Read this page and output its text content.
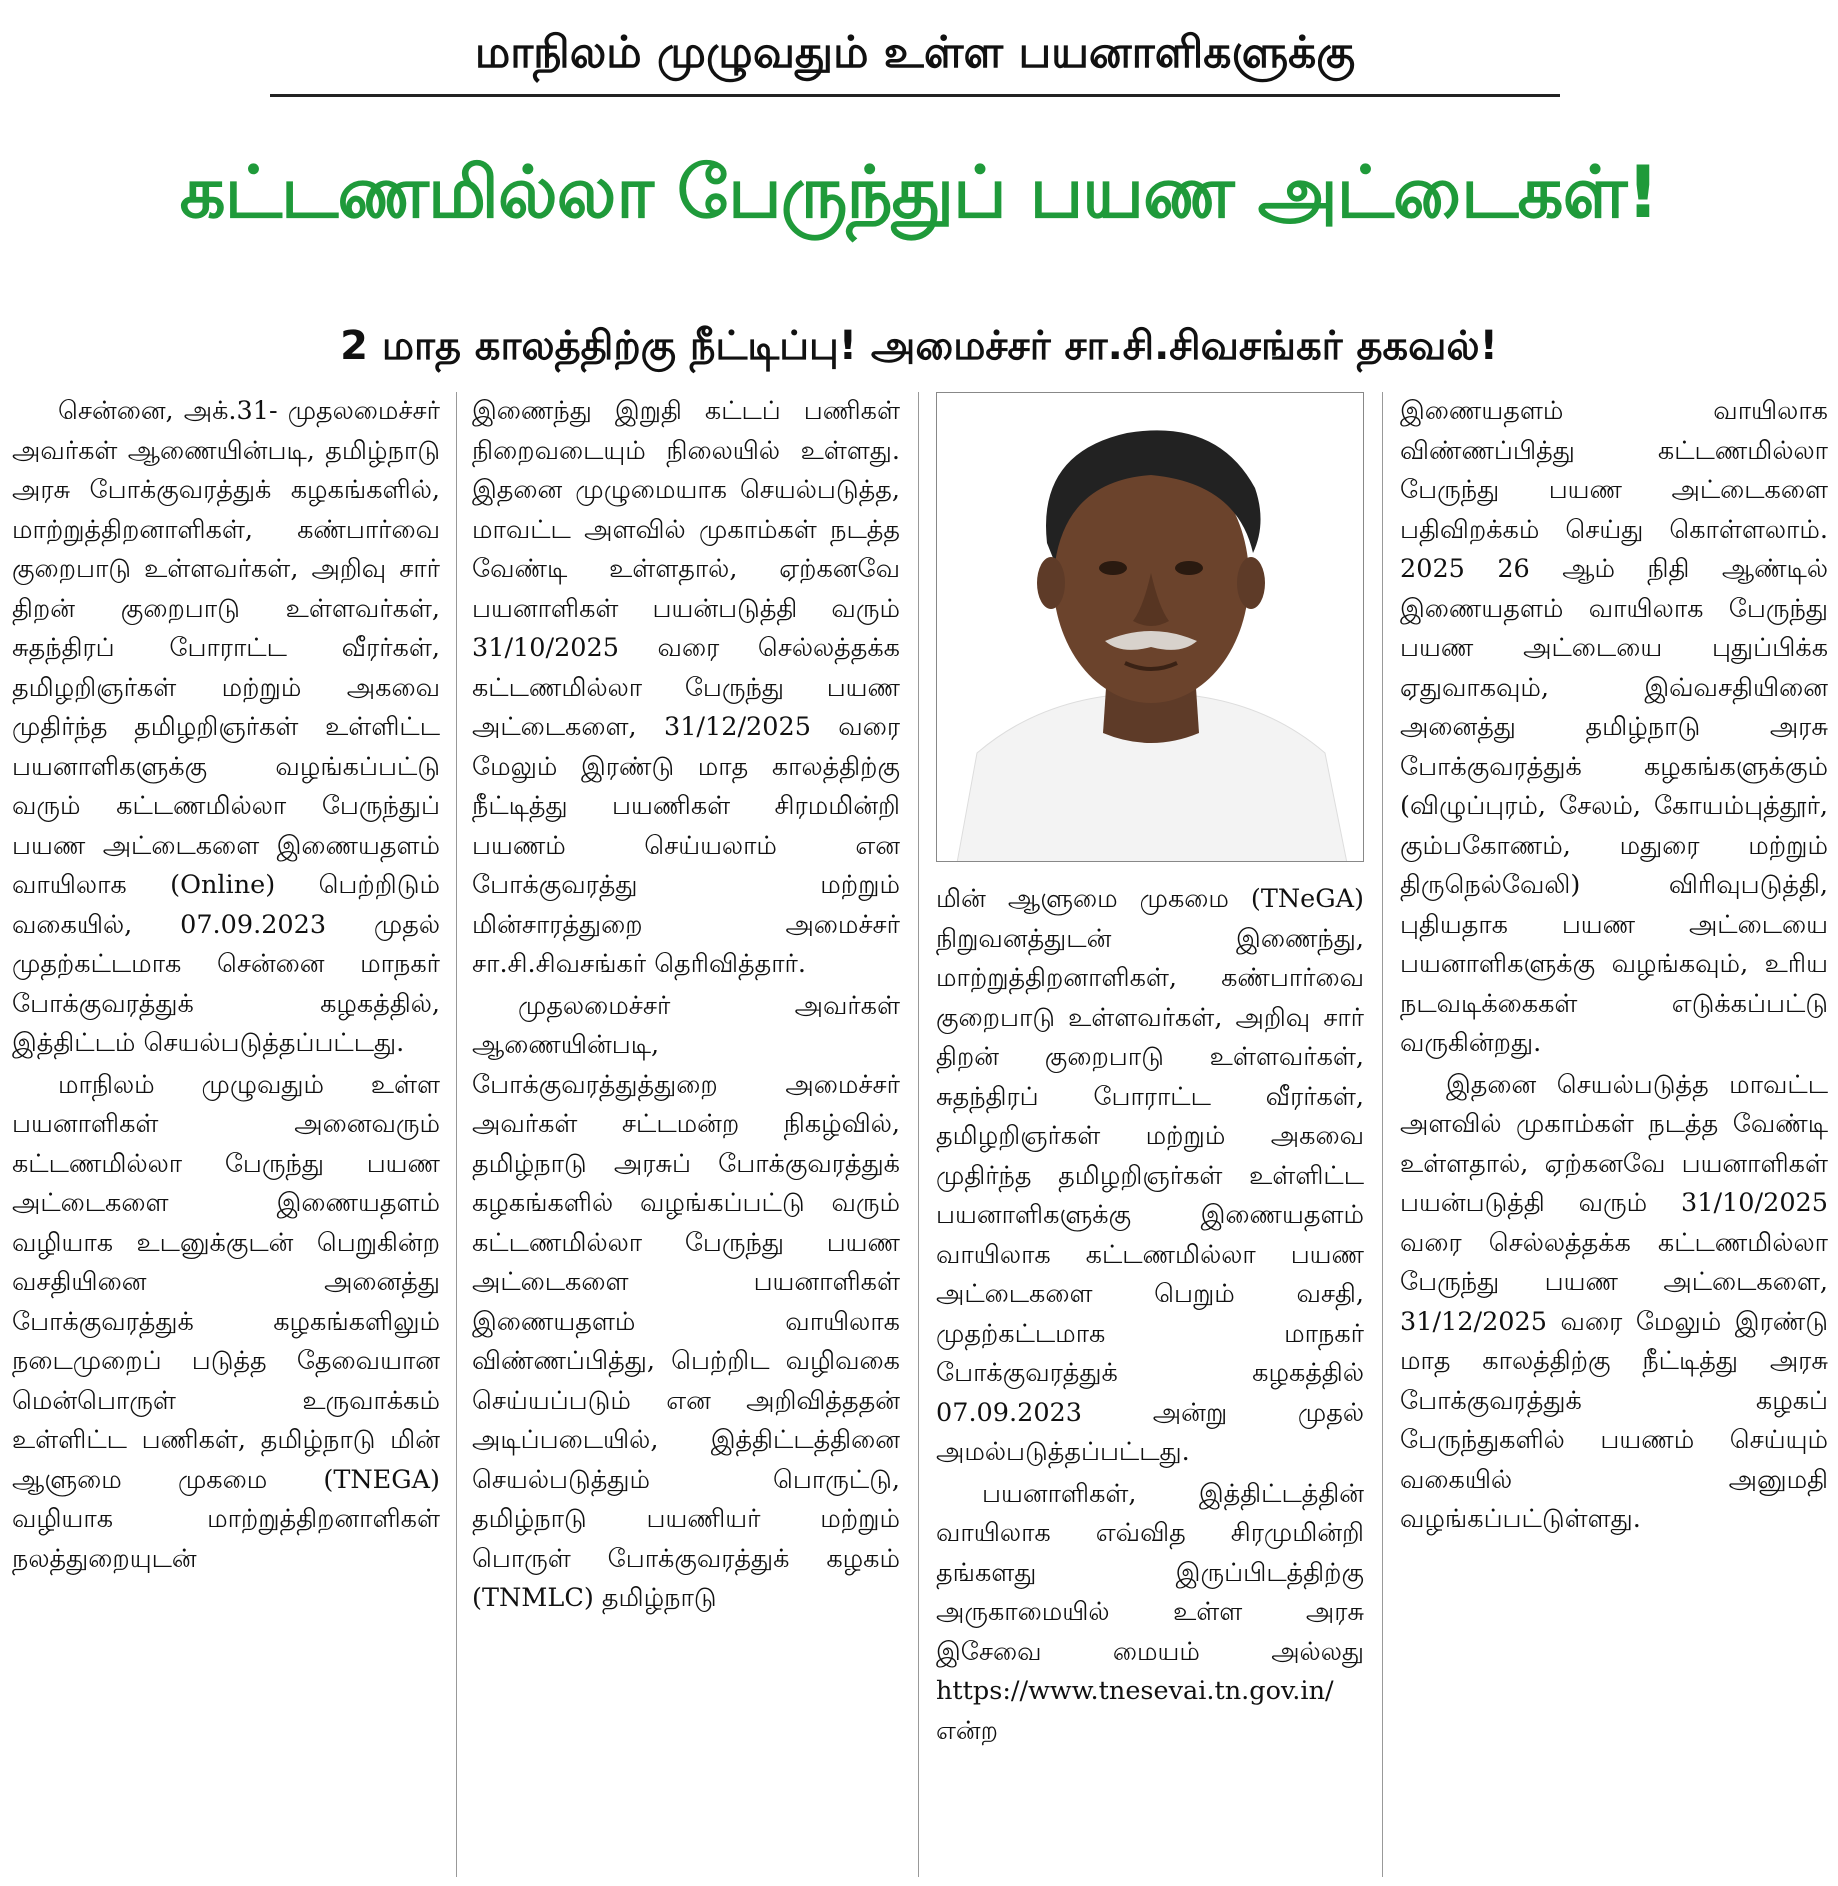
மாநிலம் முழுவதும் உள்ள பயனாளிகளுக்கு
கட்டணமில்லா பேருந்துப் பயண அட்டைகள்!
2 மாத காலத்திற்கு நீட்டிப்பு! அமைச்சர் சா.சி.சிவசங்கர் தகவல்!

சென்னை, அக்.31- முதலமைச்சர் அவர்கள் ஆணையின்படி, தமிழ்நாடு அரசு போக்குவரத்துக் கழகங்களில், மாற்றுத்திறனாளிகள், கண்பார்வை குறைபாடு உள்ளவர்கள், அறிவு சார் திறன் குறைபாடு உள்ளவர்கள், சுதந்திரப் போராட்ட வீரர்கள், தமிழறிஞர்கள் மற்றும் அகவை முதிர்ந்த தமிழறிஞர்கள் உள்ளிட்ட பயனாளிகளுக்கு வழங்கப்பட்டு வரும் கட்டணமில்லா பேருந்துப் பயண அட்டைகளை இணையதளம் வாயிலாக (Online) பெற்றிடும் வகையில், 07.09.2023 முதல் முதற்கட்டமாக சென்னை மாநகர் போக்குவரத்துக் கழகத்தில், இத்திட்டம் செயல்படுத்தப்பட்டது.

மாநிலம் முழுவதும் உள்ள பயனாளிகள் அனைவரும் கட்டணமில்லா பேருந்து பயண அட்டைகளை இணையதளம் வழியாக உடனுக்குடன் பெறுகின்ற வசதியினை அனைத்து போக்குவரத்துக் கழகங்களிலும் நடைமுறைப் படுத்த தேவையான மென்பொருள் உருவாக்கம் உள்ளிட்ட பணிகள், தமிழ்நாடு மின் ஆளுமை முகமை (TNEGA) வழியாக மாற்றுத்திறனாளிகள் நலத்துறையுடன்

இணைந்து இறுதி கட்டப் பணிகள் நிறைவடையும் நிலையில் உள்ளது. இதனை முழுமையாக செயல்படுத்த, மாவட்ட அளவில் முகாம்கள் நடத்த வேண்டி உள்ளதால், ஏற்கனவே பயனாளிகள் பயன்படுத்தி வரும் 31/10/2025 வரை செல்லத்தக்க கட்டணமில்லா பேருந்து பயண அட்டைகளை, 31/12/2025 வரை மேலும் இரண்டு மாத காலத்திற்கு நீட்டித்து பயணிகள் சிரமமின்றி பயணம் செய்யலாம் என போக்குவரத்து மற்றும் மின்சாரத்துறை அமைச்சர் சா.சி.சிவசங்கர் தெரிவித்தார்.

முதலமைச்சர் அவர்கள் ஆணையின்படி, போக்குவரத்துத்துறை அமைச்சர் அவர்கள் சட்டமன்ற நிகழ்வில், தமிழ்நாடு அரசுப் போக்குவரத்துக் கழகங்களில் வழங்கப்பட்டு வரும் கட்டணமில்லா பேருந்து பயண அட்டைகளை பயனாளிகள் இணையதளம் வாயிலாக விண்ணப்பித்து, பெற்றிட வழிவகை செய்யப்படும் என அறிவித்ததன் அடிப்படையில், இத்திட்டத்தினை செயல்படுத்தும் பொருட்டு, தமிழ்நாடு பயணியர் மற்றும் பொருள் போக்குவரத்துக் கழகம் (TNMLC) தமிழ்நாடு

மின் ஆளுமை முகமை (TNeGA) நிறுவனத்துடன் இணைந்து, மாற்றுத்திறனாளிகள், கண்பார்வை குறைபாடு உள்ளவர்கள், அறிவு சார் திறன் குறைபாடு உள்ளவர்கள், சுதந்திரப் போராட்ட வீரர்கள், தமிழறிஞர்கள் மற்றும் அகவை முதிர்ந்த தமிழறிஞர்கள் உள்ளிட்ட பயனாளிகளுக்கு இணையதளம் வாயிலாக கட்டணமில்லா பயண அட்டைகளை பெறும் வசதி, முதற்கட்டமாக மாநகர் போக்குவரத்துக் கழகத்தில் 07.09.2023 அன்று முதல் அமல்படுத்தப்பட்டது.

பயனாளிகள், இத்திட்டத்தின் வாயிலாக எவ்வித சிரமுமின்றி தங்களது இருப்பிடத்திற்கு அருகாமையில் உள்ள அரசு இசேவை மையம் அல்லது https://www.tnesevai.tn.gov.in/ என்ற

இணையதளம் வாயிலாக விண்ணப்பித்து கட்டணமில்லா பேருந்து பயண அட்டைகளை பதிவிறக்கம் செய்து கொள்ளலாம். 2025 26 ஆம் நிதி ஆண்டில் இணையதளம் வாயிலாக பேருந்து பயண அட்டையை புதுப்பிக்க ஏதுவாகவும், இவ்வசதியினை அனைத்து தமிழ்நாடு அரசு போக்குவரத்துக் கழகங்களுக்கும் (விழுப்புரம், சேலம், கோயம்புத்தூர், கும்பகோணம், மதுரை மற்றும் திருநெல்வேலி) விரிவுபடுத்தி, புதியதாக பயண அட்டையை பயனாளிகளுக்கு வழங்கவும், உரிய நடவடிக்கைகள் எடுக்கப்பட்டு வருகின்றது.

இதனை செயல்படுத்த மாவட்ட அளவில் முகாம்கள் நடத்த வேண்டி உள்ளதால், ஏற்கனவே பயனாளிகள் பயன்படுத்தி வரும் 31/10/2025 வரை செல்லத்தக்க கட்டணமில்லா பேருந்து பயண அட்டைகளை, 31/12/2025 வரை மேலும் இரண்டு மாத காலத்திற்கு நீட்டித்து அரசு போக்குவரத்துக் கழகப் பேருந்துகளில் பயணம் செய்யும் வகையில் அனுமதி வழங்கப்பட்டுள்ளது.
